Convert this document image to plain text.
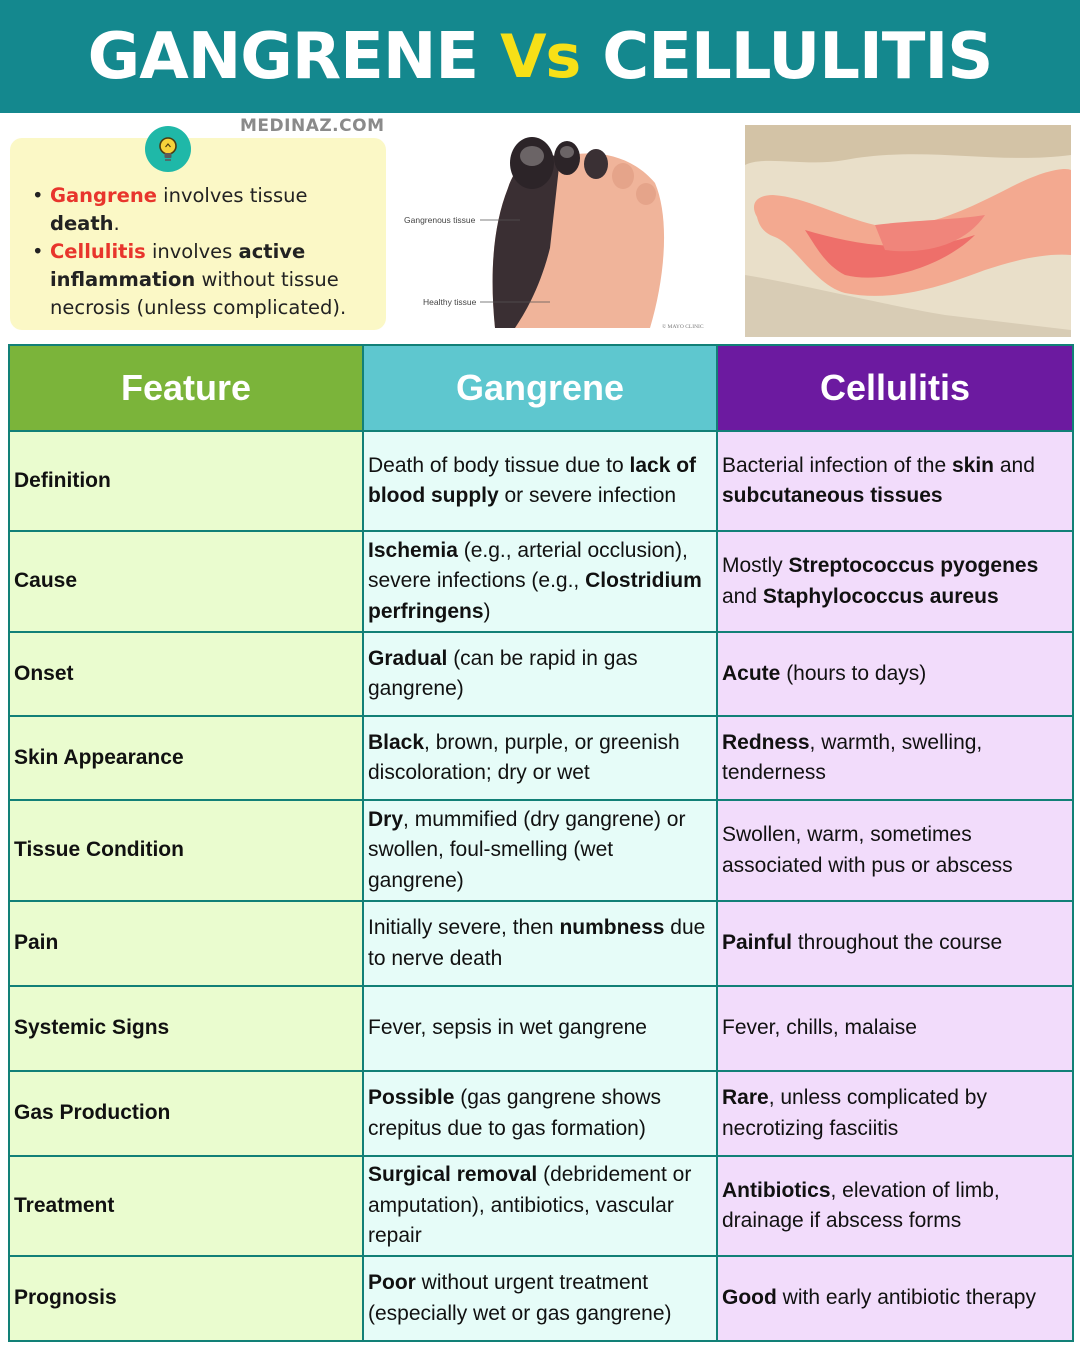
GANGRENE Vs CELLULITIS
MEDINAZ.COM
• Gangrene involves tissue death.
• Cellulitis involves active inflammation without tissue necrosis (unless complicated).
Gangrenous tissue
Healthy tissue
© MAYO CLINIC
Feature	Gangrene	Cellulitis
Definition	Death of body tissue due to lack of blood supply or severe infection	Bacterial infection of the skin and subcutaneous tissues
Cause	Ischemia (e.g., arterial occlusion), severe infections (e.g., Clostridium perfringens)	Mostly Streptococcus pyogenes and Staphylococcus aureus
Onset	Gradual (can be rapid in gas gangrene)	Acute (hours to days)
Skin Appearance	Black, brown, purple, or greenish discoloration; dry or wet	Redness, warmth, swelling, tenderness
Tissue Condition	Dry, mummified (dry gangrene) or swollen, foul-smelling (wet gangrene)	Swollen, warm, sometimes associated with pus or abscess
Pain	Initially severe, then numbness due to nerve death	Painful throughout the course
Systemic Signs	Fever, sepsis in wet gangrene	Fever, chills, malaise
Gas Production	Possible (gas gangrene shows crepitus due to gas formation)	Rare, unless complicated by necrotizing fasciitis
Treatment	Surgical removal (debridement or amputation), antibiotics, vascular repair	Antibiotics, elevation of limb, drainage if abscess forms
Prognosis	Poor without urgent treatment (especially wet or gas gangrene)	Good with early antibiotic therapy
